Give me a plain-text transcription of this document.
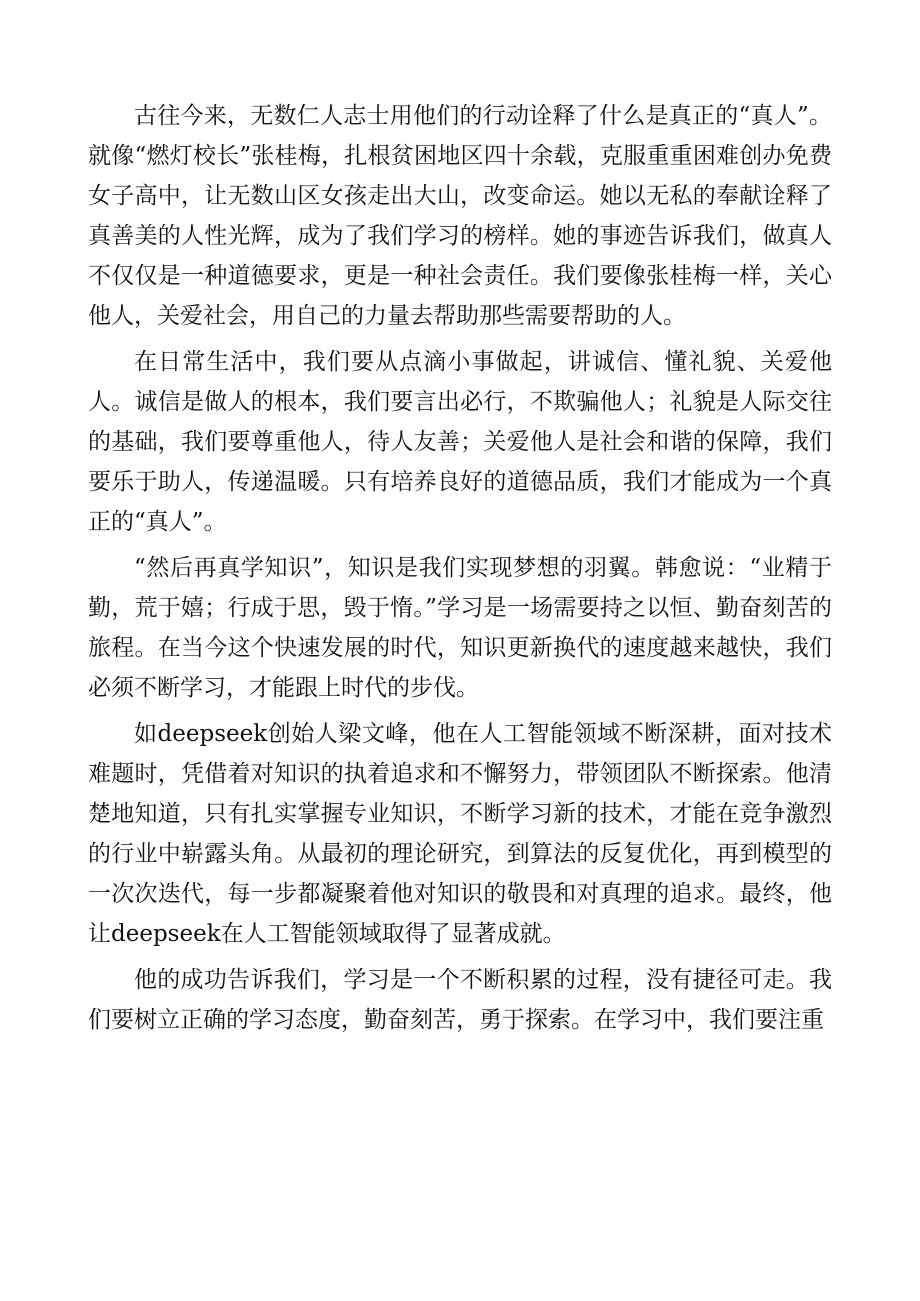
古往今来，无数仁人志士用他们的行动诠释了什么是真正的“真人”。就像“燃灯校长”张桂梅，扎根贫困地区四十余载，克服重重困难创办免费女子高中，让无数山区女孩走出大山，改变命运。她以无私的奉献诠释了真善美的人性光辉，成为了我们学习的榜样。她的事迹告诉我们，做真人不仅仅是一种道德要求，更是一种社会责任。我们要像张桂梅一样，关心他人，关爱社会，用自己的力量去帮助那些需要帮助的人。

在日常生活中，我们要从点滴小事做起，讲诚信、懂礼貌、关爱他人。诚信是做人的根本，我们要言出必行，不欺骗他人；礼貌是人际交往的基础，我们要尊重他人，待人友善；关爱他人是社会和谐的保障，我们要乐于助人，传递温暖。只有培养良好的道德品质，我们才能成为一个真正的“真人”。

“然后再真学知识”，知识是我们实现梦想的羽翼。韩愈说：“业精于勤，荒于嬉；行成于思，毁于惰。”学习是一场需要持之以恒、勤奋刻苦的旅程。在当今这个快速发展的时代，知识更新换代的速度越来越快，我们必须不断学习，才能跟上时代的步伐。

如deepseek创始人梁文峰，他在人工智能领域不断深耕，面对技术难题时，凭借着对知识的执着追求和不懈努力，带领团队不断探索。他清楚地知道，只有扎实掌握专业知识，不断学习新的技术，才能在竞争激烈的行业中崭露头角。从最初的理论研究，到算法的反复优化，再到模型的一次次迭代，每一步都凝聚着他对知识的敬畏和对真理的追求。最终，他让deepseek在人工智能领域取得了显著成就。

他的成功告诉我们，学习是一个不断积累的过程，没有捷径可走。我们要树立正确的学习态度，勤奋刻苦，勇于探索。在学习中，我们要注重
